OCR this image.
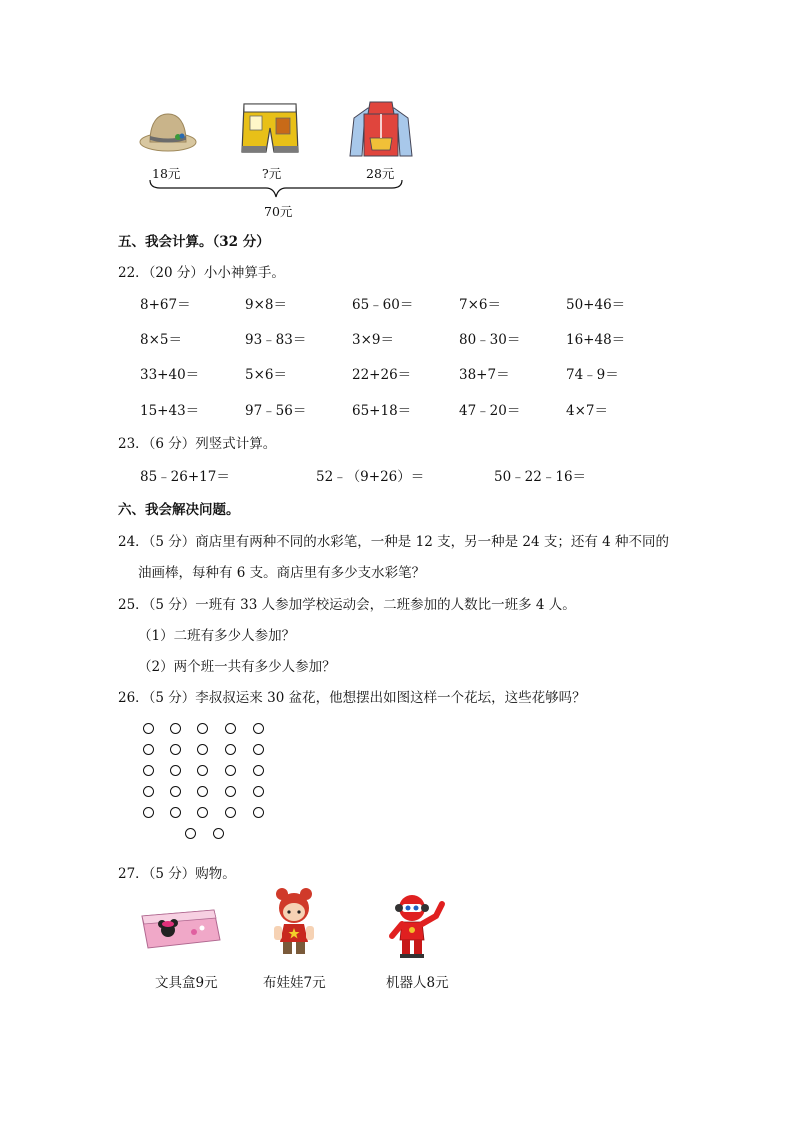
18元	?元	28元
70元
五、我会计算。（32 分）
22．（20 分）小小神算手。
8+67＝	9×8＝	65﹣60＝	7×6＝	50+46＝
8×5＝	93﹣83＝	3×9＝	80﹣30＝	16+48＝
33+40＝	5×6＝	22+26＝	38+7＝	74﹣9＝
15+43＝	97﹣56＝	65+18＝	47﹣20＝	4×7＝
23．（6 分）列竖式计算。
85﹣26+17＝	52﹣（9+26）＝	50﹣22﹣16＝
六、我会解决问题。
24．（5 分）商店里有两种不同的水彩笔，一种是 12 支，另一种是 24 支；还有 4 种不同的
油画棒，每种有 6 支。商店里有多少支水彩笔？
25．（5 分）一班有 33 人参加学校运动会，二班参加的人数比一班多 4 人。
（1）二班有多少人参加？
（2）两个班一共有多少人参加？
26．（5 分）李叔叔运来 30 盆花，他想摆出如图这样一个花坛，这些花够吗？
27．（5 分）购物。
文具盒9元	布娃娃7元	机器人8元
